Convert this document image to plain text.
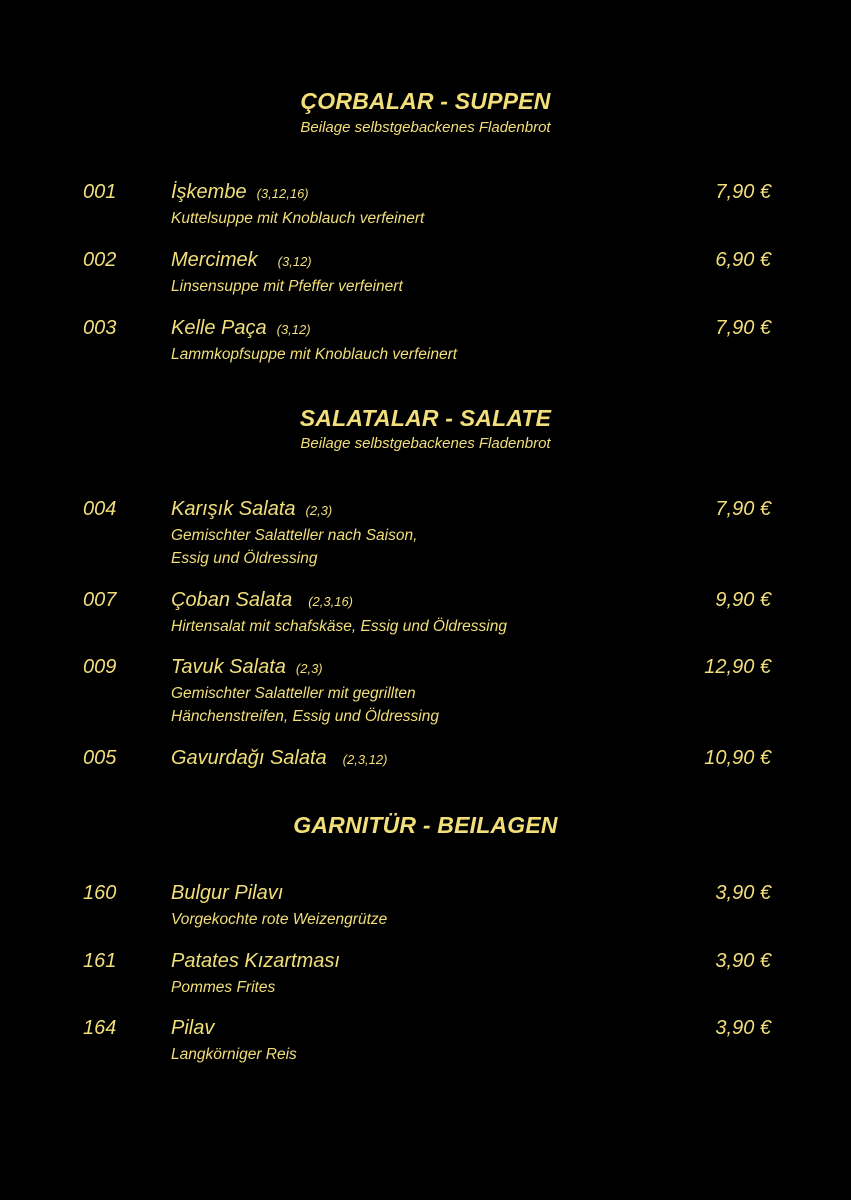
ÇORBALAR - SUPPEN
Beilage selbstgebackenes Fladenbrot
001	İşkembe (3,12,16)	7,90 €
Kuttelsuppe mit Knoblauch verfeinert
002	Mercimek (3,12)	6,90 €
Linsensuppe mit Pfeffer verfeinert
003	Kelle Paça (3,12)	7,90 €
Lammkopfsuppe mit Knoblauch verfeinert
SALATALAR - SALATE
Beilage selbstgebackenes Fladenbrot
004	Karışık Salata (2,3)	7,90 €
Gemischter Salatteller nach Saison,
Essig und Öldressing
007	Çoban Salata (2,3,16)	9,90 €
Hirtensalat mit schafskäse, Essig und Öldressing
009	Tavuk Salata (2,3)	12,90 €
Gemischter Salatteller mit gegrillten
Hänchenstreifen, Essig und Öldressing
005	Gavurdağı Salata (2,3,12)	10,90 €
GARNITÜR - BEILAGEN
160	Bulgur Pilavı	3,90 €
Vorgekochte rote Weizengrütze
161	Patates Kızartması	3,90 €
Pommes Frites
164	Pilav	3,90 €
Langkörniger Reis
